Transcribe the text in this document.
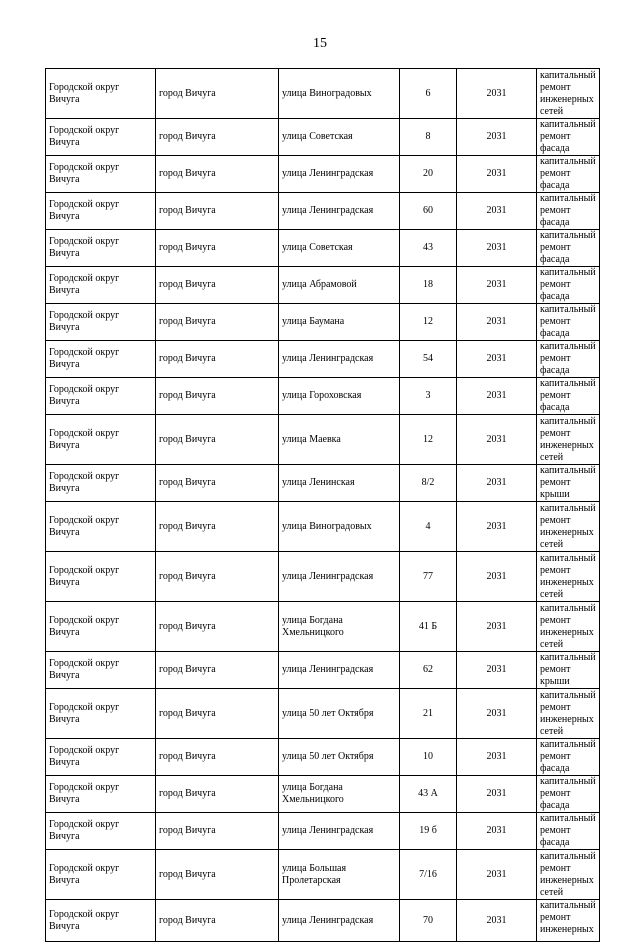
15
Городской округ Вичуга	город Вичуга	улица Виноградовых	6	2031	капитальный ремонт инженерных сетей
Городской округ Вичуга	город Вичуга	улица Советская	8	2031	капитальный ремонт фасада
Городской округ Вичуга	город Вичуга	улица Ленинградская	20	2031	капитальный ремонт фасада
Городской округ Вичуга	город Вичуга	улица Ленинградская	60	2031	капитальный ремонт фасада
Городской округ Вичуга	город Вичуга	улица Советская	43	2031	капитальный ремонт фасада
Городской округ Вичуга	город Вичуга	улица Абрамовой	18	2031	капитальный ремонт фасада
Городской округ Вичуга	город Вичуга	улица Баумана	12	2031	капитальный ремонт фасада
Городской округ Вичуга	город Вичуга	улица Ленинградская	54	2031	капитальный ремонт фасада
Городской округ Вичуга	город Вичуга	улица Гороховская	3	2031	капитальный ремонт фасада
Городской округ Вичуга	город Вичуга	улица Маевка	12	2031	капитальный ремонт инженерных сетей
Городской округ Вичуга	город Вичуга	улица Ленинская	8/2	2031	капитальный ремонт крыши
Городской округ Вичуга	город Вичуга	улица Виноградовых	4	2031	капитальный ремонт инженерных сетей
Городской округ Вичуга	город Вичуга	улица Ленинградская	77	2031	капитальный ремонт инженерных сетей
Городской округ Вичуга	город Вичуга	улица Богдана Хмельницкого	41 Б	2031	капитальный ремонт инженерных сетей
Городской округ Вичуга	город Вичуга	улица Ленинградская	62	2031	капитальный ремонт крыши
Городской округ Вичуга	город Вичуга	улица 50 лет Октября	21	2031	капитальный ремонт инженерных сетей
Городской округ Вичуга	город Вичуга	улица 50 лет Октября	10	2031	капитальный ремонт фасада
Городской округ Вичуга	город Вичуга	улица Богдана Хмельницкого	43 А	2031	капитальный ремонт фасада
Городской округ Вичуга	город Вичуга	улица Ленинградская	19 б	2031	капитальный ремонт фасада
Городской округ Вичуга	город Вичуга	улица Большая Пролетарская	7/16	2031	капитальный ремонт инженерных сетей
Городской округ Вичуга	город Вичуга	улица Ленинградская	70	2031	капитальный ремонт инженерных
